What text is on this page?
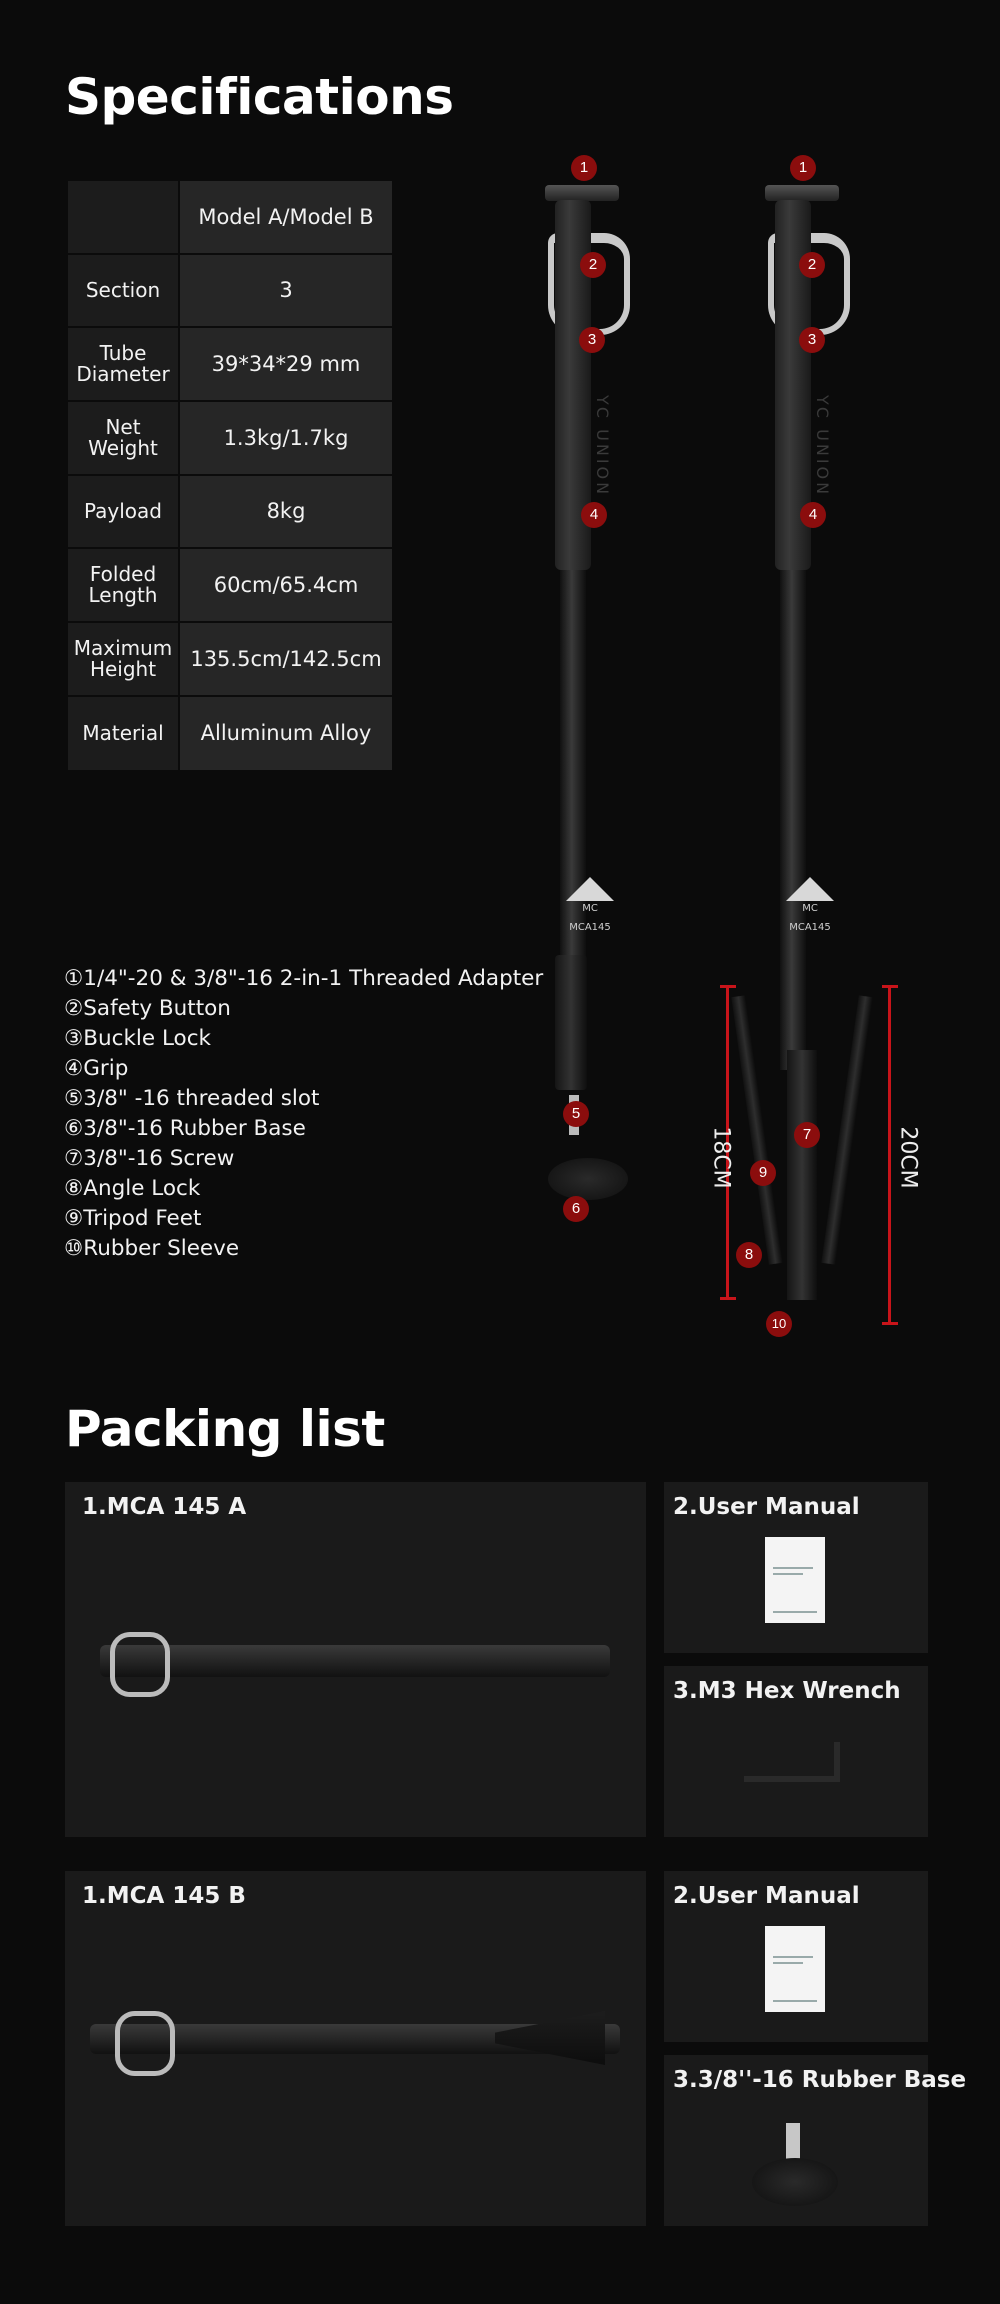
Specifications
	Model A/Model B
Section	3
Tube Diameter	39*34*29 mm
Net Weight	1.3kg/1.7kg
Payload	8kg
Folded Length	60cm/65.4cm
Maximum Height	135.5cm/142.5cm
Material	Alluminum Alloy
①1/4"-20 & 3/8"-16 2-in-1 Threaded Adapter
②Safety Button
③Buckle Lock
④Grip
⑤3/8" -16 threaded slot
⑥3/8"-16 Rubber Base
⑦3/8"-16 Screw
⑧Angle Lock
⑨Tripod Feet
⑩Rubber Sleeve
YC UNION
MC
MCA145
YC UNION
MC
MCA145
18CM	20CM
1
2
3
4
5
6
1
2
3
4
7
8
9
10
Packing list
1.MCA 145 A	2.User Manual
3.M3 Hex Wrench
1.MCA 145 B	2.User Manual
3.3/8''-16 Rubber Base
